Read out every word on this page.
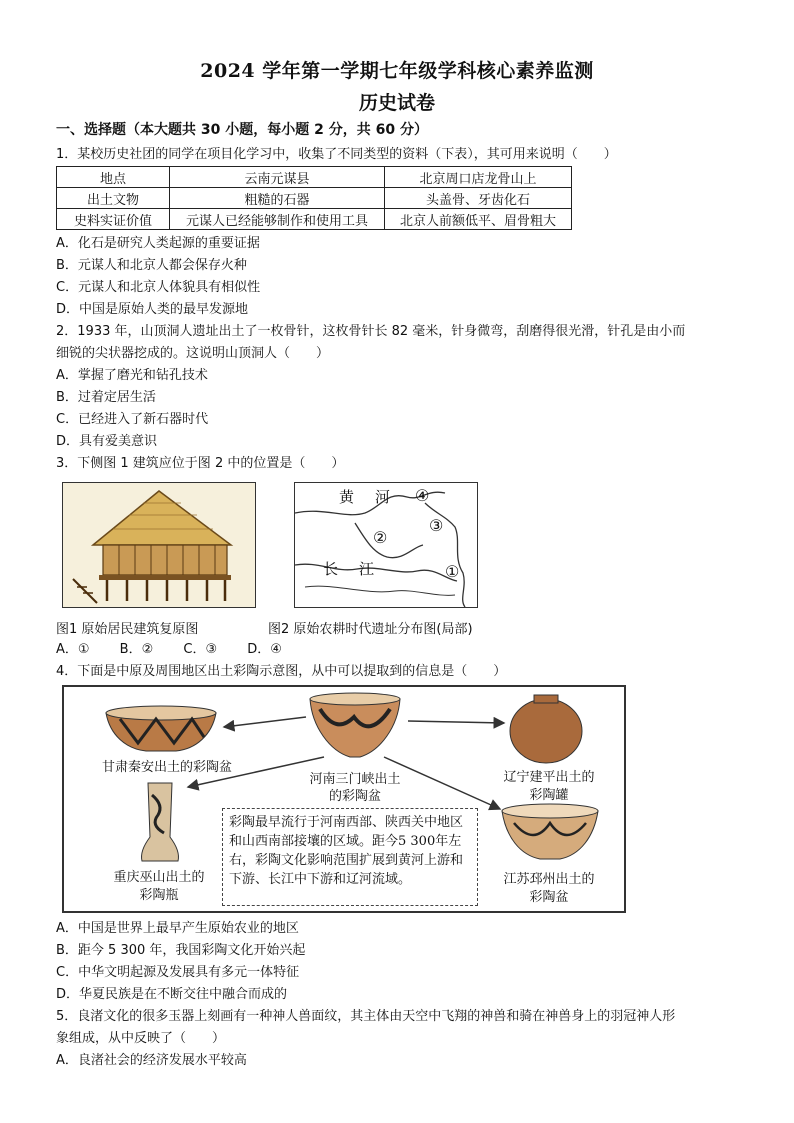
2024 学年第一学期七年级学科核心素养监测
历史试卷
一、选择题（本大题共 30 小题，每小题 2 分，共 60 分）
1．某校历史社团的同学在项目化学习中，收集了不同类型的资料（下表），其可用来说明（　　）
地点	云南元谋县	北京周口店龙骨山上
出土文物	粗糙的石器	头盖骨、牙齿化石
史料实证价值	元谋人已经能够制作和使用工具	北京人前额低平、眉骨粗大
A．化石是研究人类起源的重要证据
B．元谋人和北京人都会保存火种
C．元谋人和北京人体貌具有相似性
D．中国是原始人类的最早发源地
2．1933 年，山顶洞人遗址出土了一枚骨针，这枚骨针长 82 毫米，针身微弯，刮磨得很光滑，针孔是由小而
细锐的尖状器挖成的。这说明山顶洞人（　　）
A．掌握了磨光和钻孔技术
B．过着定居生活
C．已经进入了新石器时代
D．具有爱美意识
3．下侧图 1 建筑应位于图 2 中的位置是（　　）
黄 河 ④
③
②
①
长 江
图1 原始居民建筑复原图	图2 原始农耕时代遗址分布图(局部)
A．①　　 B．②　　 C．③　　 D．④
4．下面是中原及周围地区出土彩陶示意图，从中可以提取到的信息是（　　）
甘肃秦安出土的彩陶盆
河南三门峡出土
的彩陶盆
辽宁建平出土的
彩陶罐
重庆巫山出土的
彩陶瓶
江苏邳州出土的
彩陶盆
彩陶最早流行于河南西部、陕西关中地区和山西南部接壤的区域。距今5 300年左右，彩陶文化影响范围扩展到黄河上游和下游、长江中下游和辽河流域。
A．中国是世界上最早产生原始农业的地区
B．距今 5 300 年，我国彩陶文化开始兴起
C．中华文明起源及发展具有多元一体特征
D．华夏民族是在不断交往中融合而成的
5．良渚文化的很多玉器上刻画有一种神人兽面纹，其主体由天空中飞翔的神兽和骑在神兽身上的羽冠神人形
象组成，从中反映了（　　）
A．良渚社会的经济发展水平较高
